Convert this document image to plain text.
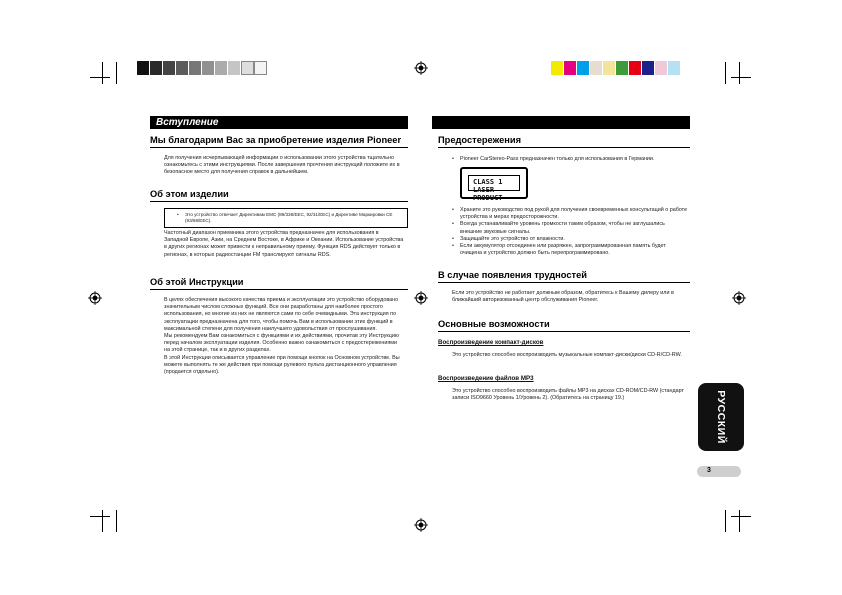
Вступление
Мы благодарим Вас за приобретение изделия Pioneer
Для получения исчерпывающей информации о использовании этого устройства тщательно ознакомьтесь с этими инструкциями. После завершения прочтения инструкций положите их в безопасное место для получения справок в дальнейшем.
Об этом изделии
• Это устройство отвечает Директивам EMC (89/336/EEC, 92/31/EEC) и Директиве Маркировки CE (93/68/EEC).
Частотный диапазон приемника этого устройства предназначен для использования в Западной Европе, Азии, на Среднем Востоке, в Африке и Океании. Использование устройства в других регионах может привести к неправильному приему. Функция RDS действует только в регионах, в которых радиостанции FM транслируют сигналы RDS.
Об этой Инструкции
В целях обеспечения высокого качества приема и эксплуатации это устройство оборудовано значительным числом сложных функций. Все они разработаны для наиболее простого использования, но многие из них не являются сами по себе очевидными. Эта инструкция по эксплуатации предназначена для того, чтобы помочь Вам в использовании этих функций в максимальной степени для получения наилучшего удовольствия от прослушивания.
Мы рекомендуем Вам ознакомиться с функциями и их действиями, прочитав эту Инструкцию перед началом эксплуатации изделия. Особенно важно ознакомиться с предостережениями на этой странице, так и в других разделах.
В этой Инструкции описывается управление при помощи кнопок на Основном устройстве. Вы можете выполнять те же действия при помощи рулевого пульта дистанционного управления (продается отдельно).
Предостережения
• Pioneer CarStereo-Pass предназначен только для использования в Германии.
CLASS 1
LASER PRODUCT
• Храните это руководство под рукой для получения своевременных консультаций о работе устройства и мерах предосторожности.
• Всегда устанавливайте уровень громкости таким образом, чтобы не заглушались внешние звуковые сигналы.
• Защищайте это устройство от влажности.
• Если аккумулятор отсоединен или разряжен, запрограммированная память будет очищена и устройство должно быть перепрограммировано.
В случае появления трудностей
Если это устройство не работает должным образом, обратитесь к Вашему дилеру или в ближайший авторизованный центр обслуживания Pioneer.
Основные возможности
Воспроизведение компакт-дисков
Это устройство способно воспроизводить музыкальные компакт-диски/диски CD-R/CD-RW.
Воспроизведение файлов MP3
Это устройство способно воспроизводить файлы MP3 на дисках CD-ROM/CD-RW (стандарт записи ISO9660 Уровень 1/Уровень 2). (Обратитесь на страницу 19.)	РУССКИЙ
3
